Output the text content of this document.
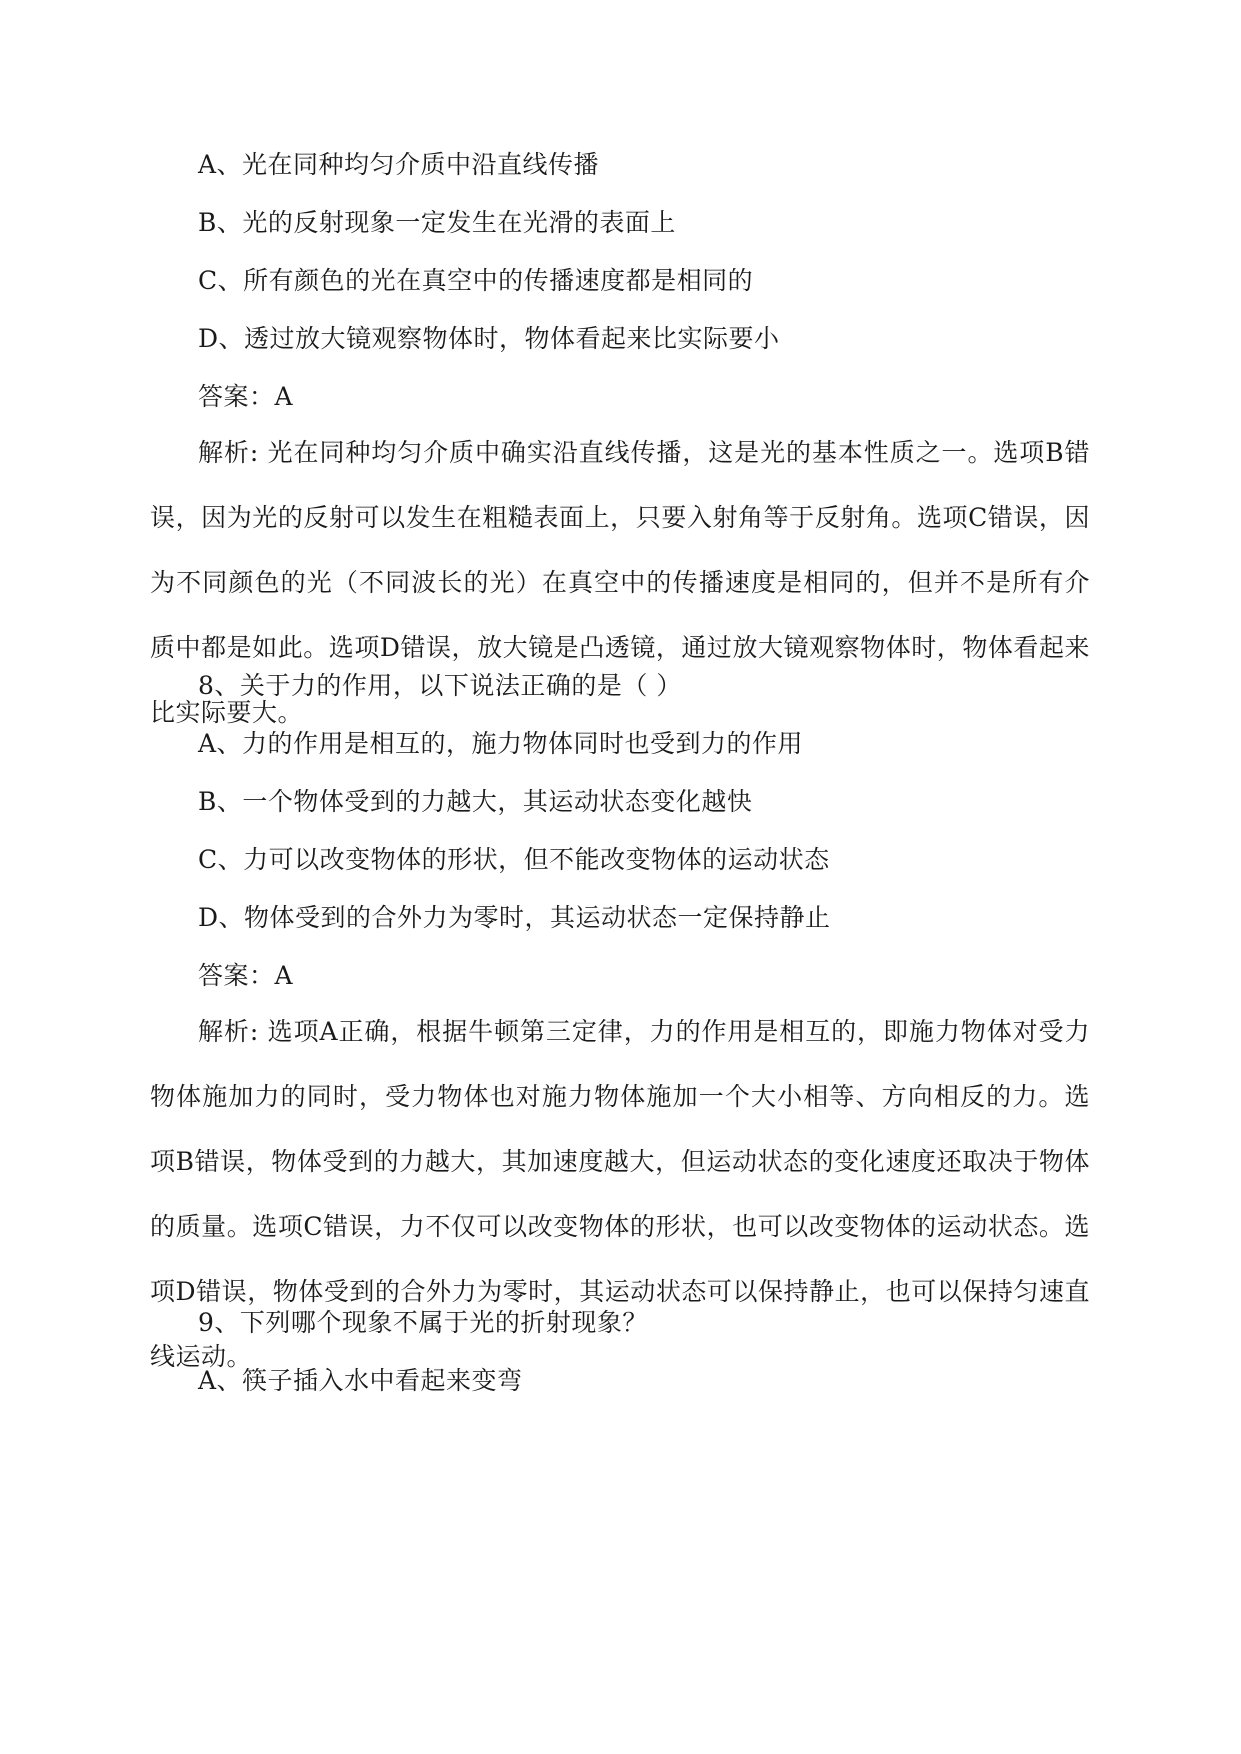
A、光在同种均匀介质中沿直线传播
B、光的反射现象一定发生在光滑的表面上
C、所有颜色的光在真空中的传播速度都是相同的
D、透过放大镜观察物体时，物体看起来比实际要小
答案：A
解析: 光在同种均匀介质中确实沿直线传播，这是光的基本性质之一。选项B错误，因为光的反射可以发生在粗糙表面上，只要入射角等于反射角。选项C错误，因为不同颜色的光（不同波长的光）在真空中的传播速度是相同的，但并不是所有介质中都是如此。选项D错误，放大镜是凸透镜，通过放大镜观察物体时，物体看起来比实际要大。
8、关于力的作用，以下说法正确的是（ ）
A、力的作用是相互的，施力物体同时也受到力的作用
B、一个物体受到的力越大，其运动状态变化越快
C、力可以改变物体的形状，但不能改变物体的运动状态
D、物体受到的合外力为零时，其运动状态一定保持静止
答案：A
解析: 选项A正确，根据牛顿第三定律，力的作用是相互的，即施力物体对受力物体施加力的同时，受力物体也对施力物体施加一个大小相等、方向相反的力。选项B错误，物体受到的力越大，其加速度越大，但运动状态的变化速度还取决于物体的质量。选项C错误，力不仅可以改变物体的形状，也可以改变物体的运动状态。选项D错误，物体受到的合外力为零时，其运动状态可以保持静止，也可以保持匀速直线运动。
9、下列哪个现象不属于光的折射现象？
A、筷子插入水中看起来变弯
